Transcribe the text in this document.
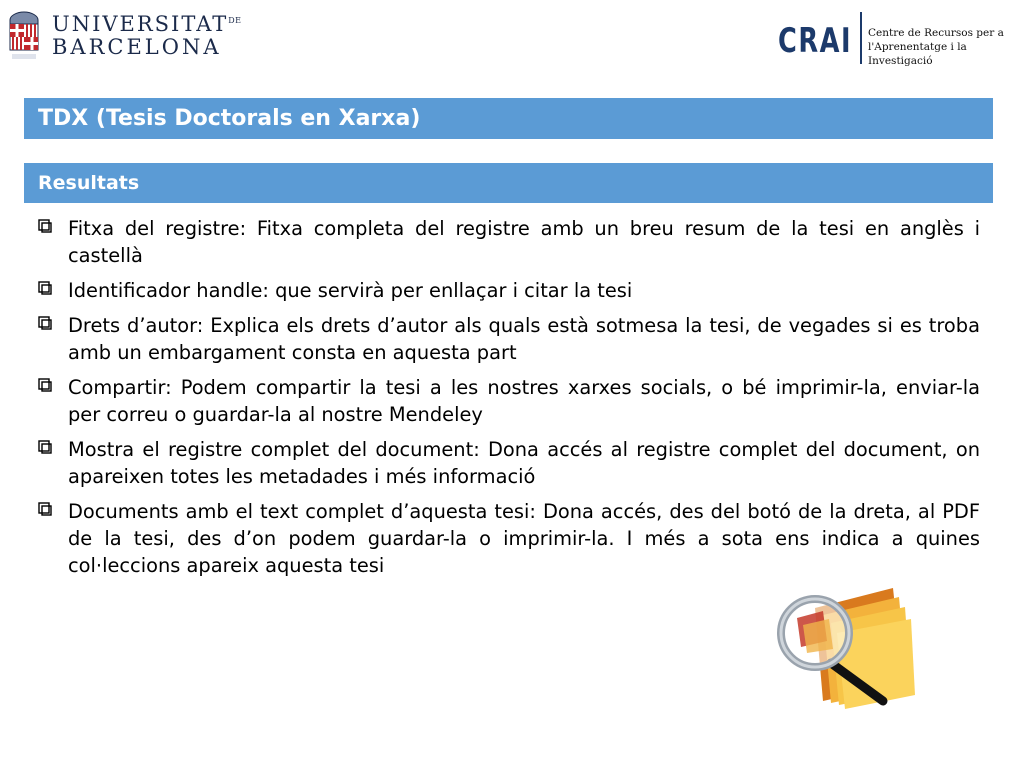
$UNIVERSITAT^{DE}$
BARCELONA	CRAI Centre de Recursos per a
l'Aprenentatge i la Investigació
TDX (Tesis Doctorals en Xarxa)
Resultats
Fitxa del registre: Fitxa completa del registre amb un breu resum de la tesi en anglès i castellà
Identificador handle: que servirà per enllaçar i citar la tesi
Drets d’autor: Explica els drets d’autor als quals està sotmesa la tesi, de vegades si es troba amb un embargament consta en aquesta part
Compartir: Podem compartir la tesi a les nostres xarxes socials, o bé imprimir-la, enviar-la per correu o guardar-la al nostre Mendeley
Mostra el registre complet del document: Dona accés al registre complet del document, on apareixen totes les metadades i més informació
Documents amb el text complet d’aquesta tesi: Dona accés, des del botó de la dreta, al PDF de la tesi, des d’on podem guardar-la o imprimir-la. I més a sota ens indica a quines col·leccions apareix aquesta tesi
